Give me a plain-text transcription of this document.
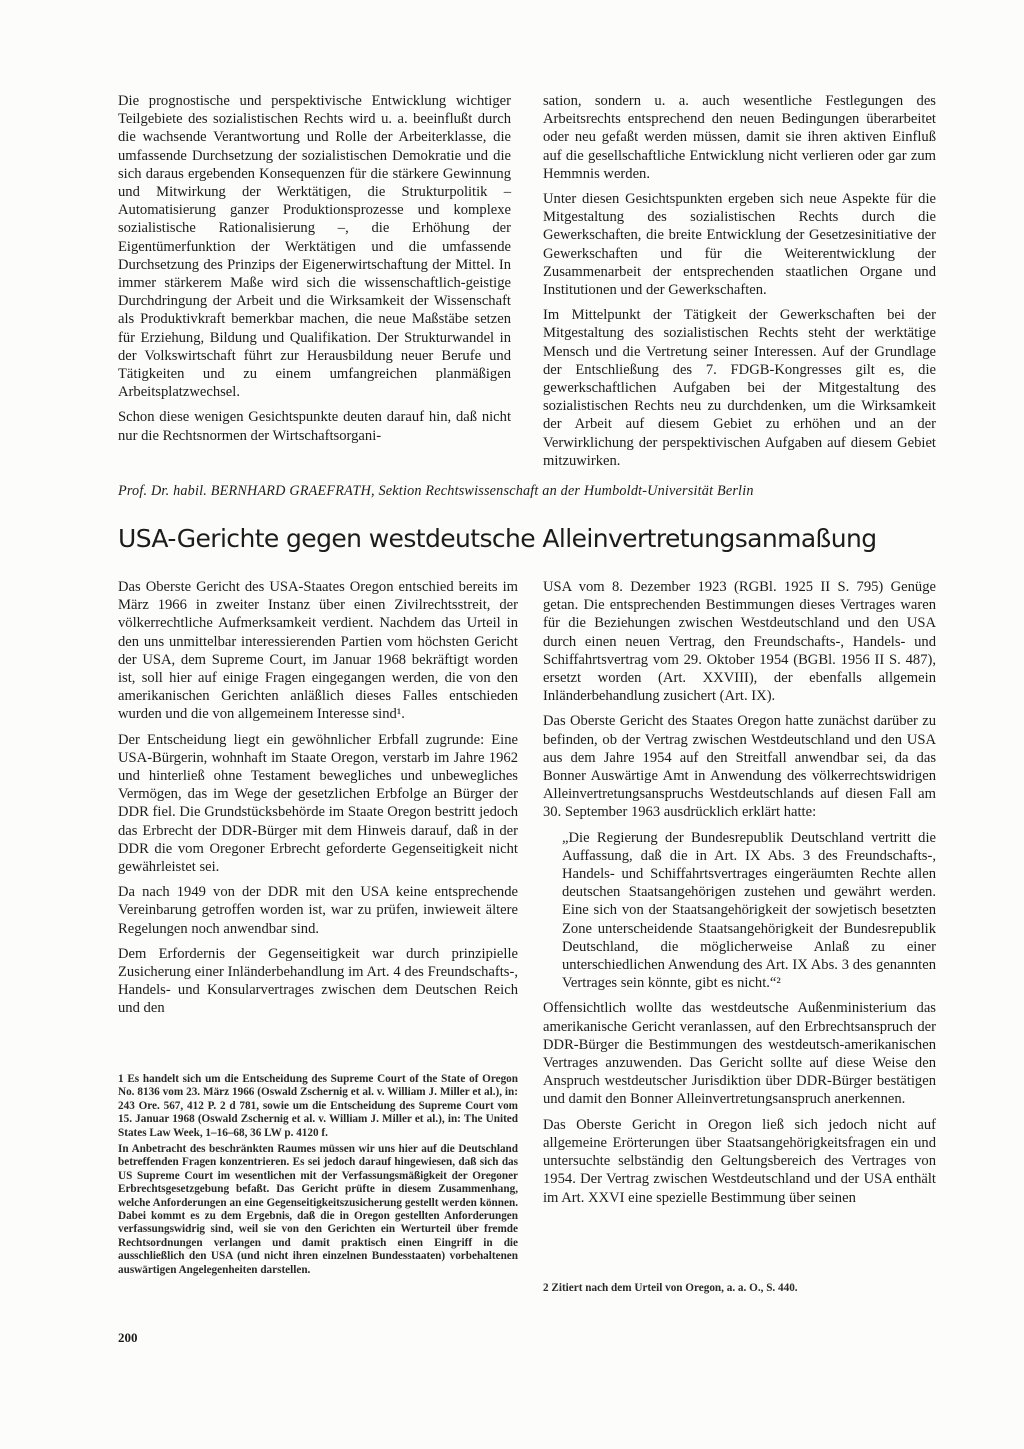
Die prognostische und perspektivische Entwicklung wichtiger Teilgebiete des sozialistischen Rechts wird u. a. beeinflußt durch die wachsende Verantwortung und Rolle der Arbeiterklasse, die umfassende Durchsetzung der sozialistischen Demokratie und die sich daraus ergebenden Konsequenzen für die stärkere Gewinnung und Mitwirkung der Werktätigen, die Strukturpolitik – Automatisierung ganzer Produktionsprozesse und komplexe sozialistische Rationalisierung –, die Erhöhung der Eigentümerfunktion der Werktätigen und die umfassende Durchsetzung des Prinzips der Eigenerwirtschaftung der Mittel. In immer stärkerem Maße wird sich die wissenschaftlich-geistige Durchdringung der Arbeit und die Wirksamkeit der Wissenschaft als Produktivkraft bemerkbar machen, die neue Maßstäbe setzen für Erziehung, Bildung und Qualifikation. Der Strukturwandel in der Volkswirtschaft führt zur Herausbildung neuer Berufe und Tätigkeiten und zu einem umfangreichen planmäßigen Arbeitsplatzwechsel.

Schon diese wenigen Gesichtspunkte deuten darauf hin, daß nicht nur die Rechtsnormen der Wirtschaftsorgani-

sation, sondern u. a. auch wesentliche Festlegungen des Arbeitsrechts entsprechend den neuen Bedingungen überarbeitet oder neu gefaßt werden müssen, damit sie ihren aktiven Einfluß auf die gesellschaftliche Entwicklung nicht verlieren oder gar zum Hemmnis werden.

Unter diesen Gesichtspunkten ergeben sich neue Aspekte für die Mitgestaltung des sozialistischen Rechts durch die Gewerkschaften, die breite Entwicklung der Gesetzesinitiative der Gewerkschaften und für die Weiterentwicklung der Zusammenarbeit der entsprechenden staatlichen Organe und Institutionen und der Gewerkschaften.

Im Mittelpunkt der Tätigkeit der Gewerkschaften bei der Mitgestaltung des sozialistischen Rechts steht der werktätige Mensch und die Vertretung seiner Interessen. Auf der Grundlage der Entschließung des 7. FDGB-Kongresses gilt es, die gewerkschaftlichen Aufgaben bei der Mitgestaltung des sozialistischen Rechts neu zu durchdenken, um die Wirksamkeit der Arbeit auf diesem Gebiet zu erhöhen und an der Verwirklichung der perspektivischen Aufgaben auf diesem Gebiet mitzuwirken.

Prof. Dr. habil. BERNHARD GRAEFRATH, Sektion Rechtswissenschaft an der Humboldt-Universität Berlin
USA-Gerichte gegen westdeutsche Alleinvertretungsanmaßung

Das Oberste Gericht des USA-Staates Oregon entschied bereits im März 1966 in zweiter Instanz über einen Zivilrechtsstreit, der völkerrechtliche Aufmerksamkeit verdient. Nachdem das Urteil in den uns unmittelbar interessierenden Partien vom höchsten Gericht der USA, dem Supreme Court, im Januar 1968 bekräftigt worden ist, soll hier auf einige Fragen eingegangen werden, die von den amerikanischen Gerichten anläßlich dieses Falles entschieden wurden und die von allgemeinem Interesse sind¹.

Der Entscheidung liegt ein gewöhnlicher Erbfall zugrunde: Eine USA-Bürgerin, wohnhaft im Staate Oregon, verstarb im Jahre 1962 und hinterließ ohne Testament bewegliches und unbewegliches Vermögen, das im Wege der gesetzlichen Erbfolge an Bürger der DDR fiel. Die Grundstücksbehörde im Staate Oregon bestritt jedoch das Erbrecht der DDR-Bürger mit dem Hinweis darauf, daß in der DDR die vom Oregoner Erbrecht geforderte Gegenseitigkeit nicht gewährleistet sei.

Da nach 1949 von der DDR mit den USA keine entsprechende Vereinbarung getroffen worden ist, war zu prüfen, inwieweit ältere Regelungen noch anwendbar sind.

Dem Erfordernis der Gegenseitigkeit war durch prinzipielle Zusicherung einer Inländerbehandlung im Art. 4 des Freundschafts-, Handels- und Konsularvertrages zwischen dem Deutschen Reich und den

USA vom 8. Dezember 1923 (RGBl. 1925 II S. 795) Genüge getan. Die entsprechenden Bestimmungen dieses Vertrages waren für die Beziehungen zwischen Westdeutschland und den USA durch einen neuen Vertrag, den Freundschafts-, Handels- und Schiffahrtsvertrag vom 29. Oktober 1954 (BGBl. 1956 II S. 487), ersetzt worden (Art. XXVIII), der ebenfalls allgemein Inländerbehandlung zusichert (Art. IX).

Das Oberste Gericht des Staates Oregon hatte zunächst darüber zu befinden, ob der Vertrag zwischen Westdeutschland und den USA aus dem Jahre 1954 auf den Streitfall anwendbar sei, da das Bonner Auswärtige Amt in Anwendung des völkerrechtswidrigen Alleinvertretungsanspruchs Westdeutschlands auf diesen Fall am 30. September 1963 ausdrücklich erklärt hatte:

„Die Regierung der Bundesrepublik Deutschland vertritt die Auffassung, daß die in Art. IX Abs. 3 des Freundschafts-, Handels- und Schiffahrtsvertrages eingeräumten Rechte allen deutschen Staatsangehörigen zustehen und gewährt werden. Eine sich von der Staatsangehörigkeit der sowjetisch besetzten Zone unterscheidende Staatsangehörigkeit der Bundesrepublik Deutschland, die möglicherweise Anlaß zu einer unterschiedlichen Anwendung des Art. IX Abs. 3 des genannten Vertrages sein könnte, gibt es nicht.“²

Offensichtlich wollte das westdeutsche Außenministerium das amerikanische Gericht veranlassen, auf den Erbrechtsanspruch der DDR-Bürger die Bestimmungen des westdeutsch-amerikanischen Vertrages anzuwenden. Das Gericht sollte auf diese Weise den Anspruch westdeutscher Jurisdiktion über DDR-Bürger bestätigen und damit den Bonner Alleinvertretungsanspruch anerkennen.

Das Oberste Gericht in Oregon ließ sich jedoch nicht auf allgemeine Erörterungen über Staatsangehörigkeitsfragen ein und untersuchte selbständig den Geltungsbereich des Vertrages von 1954. Der Vertrag zwischen Westdeutschland und der USA enthält im Art. XXVI eine spezielle Bestimmung über seinen

1 Es handelt sich um die Entscheidung des Supreme Court of the State of Oregon No. 8136 vom 23. März 1966 (Oswald Zschernig et al. v. William J. Miller et al.), in: 243 Ore. 567, 412 P. 2 d 781, sowie um die Entscheidung des Supreme Court vom 15. Januar 1968 (Oswald Zschernig et al. v. William J. Miller et al.), in: The United States Law Week, 1–16–68, 36 LW p. 4120 f.

In Anbetracht des beschränkten Raumes müssen wir uns hier auf die Deutschland betreffenden Fragen konzentrieren. Es sei jedoch darauf hingewiesen, daß sich das US Supreme Court im wesentlichen mit der Verfassungsmäßigkeit der Oregoner Erbrechtsgesetzgebung befaßt. Das Gericht prüfte in diesem Zusammenhang, welche Anforderungen an eine Gegenseitigkeitszusicherung gestellt werden können. Dabei kommt es zu dem Ergebnis, daß die in Oregon gestellten Anforderungen verfassungswidrig sind, weil sie von den Gerichten ein Werturteil über fremde Rechtsordnungen verlangen und damit praktisch einen Eingriff in die ausschließlich den USA (und nicht ihren einzelnen Bundesstaaten) vorbehaltenen auswärtigen Angelegenheiten darstellen.

2 Zitiert nach dem Urteil von Oregon, a. a. O., S. 440.

200
